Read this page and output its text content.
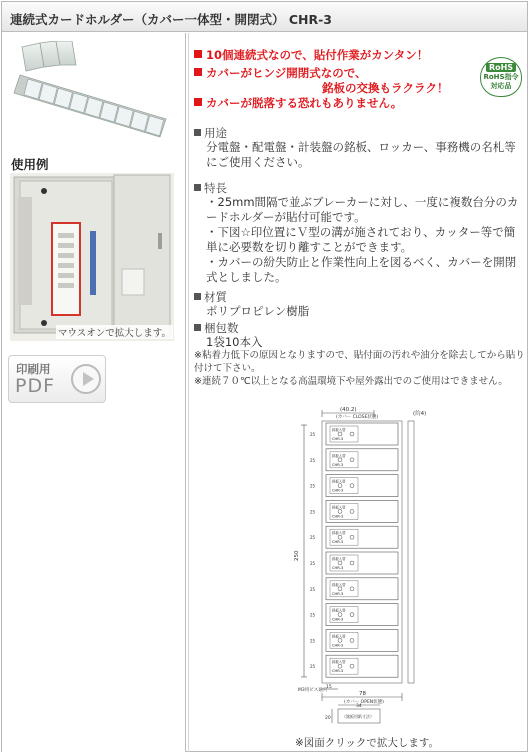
連続式カードホルダー（カバー一体型・開閉式） CHR-3
使用例
マウスオンで拡大します。
印刷用
PDF
10個連続式なので、貼付作業がカンタン！
カバーがヒンジ開閉式なので、
銘板の交換もラクラク！
カバーが脱落する恐れもありません。
RoHS
RoHS指令
対応品
用途
分電盤・配電盤・計装盤の銘板、ロッカー、事務機の名札等にご使用ください。
特長
・25mm間隔で並ぶブレーカーに対し、一度に複数台分のカードホルダーが貼付可能です。
・下図☆印位置にＶ型の溝が施されており、カッター等で簡単に必要数を切り離すことができます。
・カバーの紛失防止と作業性向上を図るべく、カバーを開閉式としました。
材質
ポリプロピレン樹脂
梱包数
1袋10本入
※粘着力低下の原因となりますので、貼付面の汚れや油分を除去してから貼り付けて下さい。
※連続７０℃以上となる高温環境下や屋外露出でのご使用はできません。
銘板入替
CHR-3
25
銘板入替
CHR-3
25
銘板入替
CHR-3
25
銘板入替
CHR-3
25
銘板入替
CHR-3
25
銘板入替
CHR-3
25
銘板入替
CHR-3
25
銘板入替
CHR-3
25
銘板入替
CHR-3
25
銘板入替
CHR-3
25
(40.2)
(カバー CLOSE状態)
(約4)
250
78
(カバー OPEN状態)
15
M3用ビス通穴
34
20	（銘板用紙寸法）
※図面クリックで拡大します。
